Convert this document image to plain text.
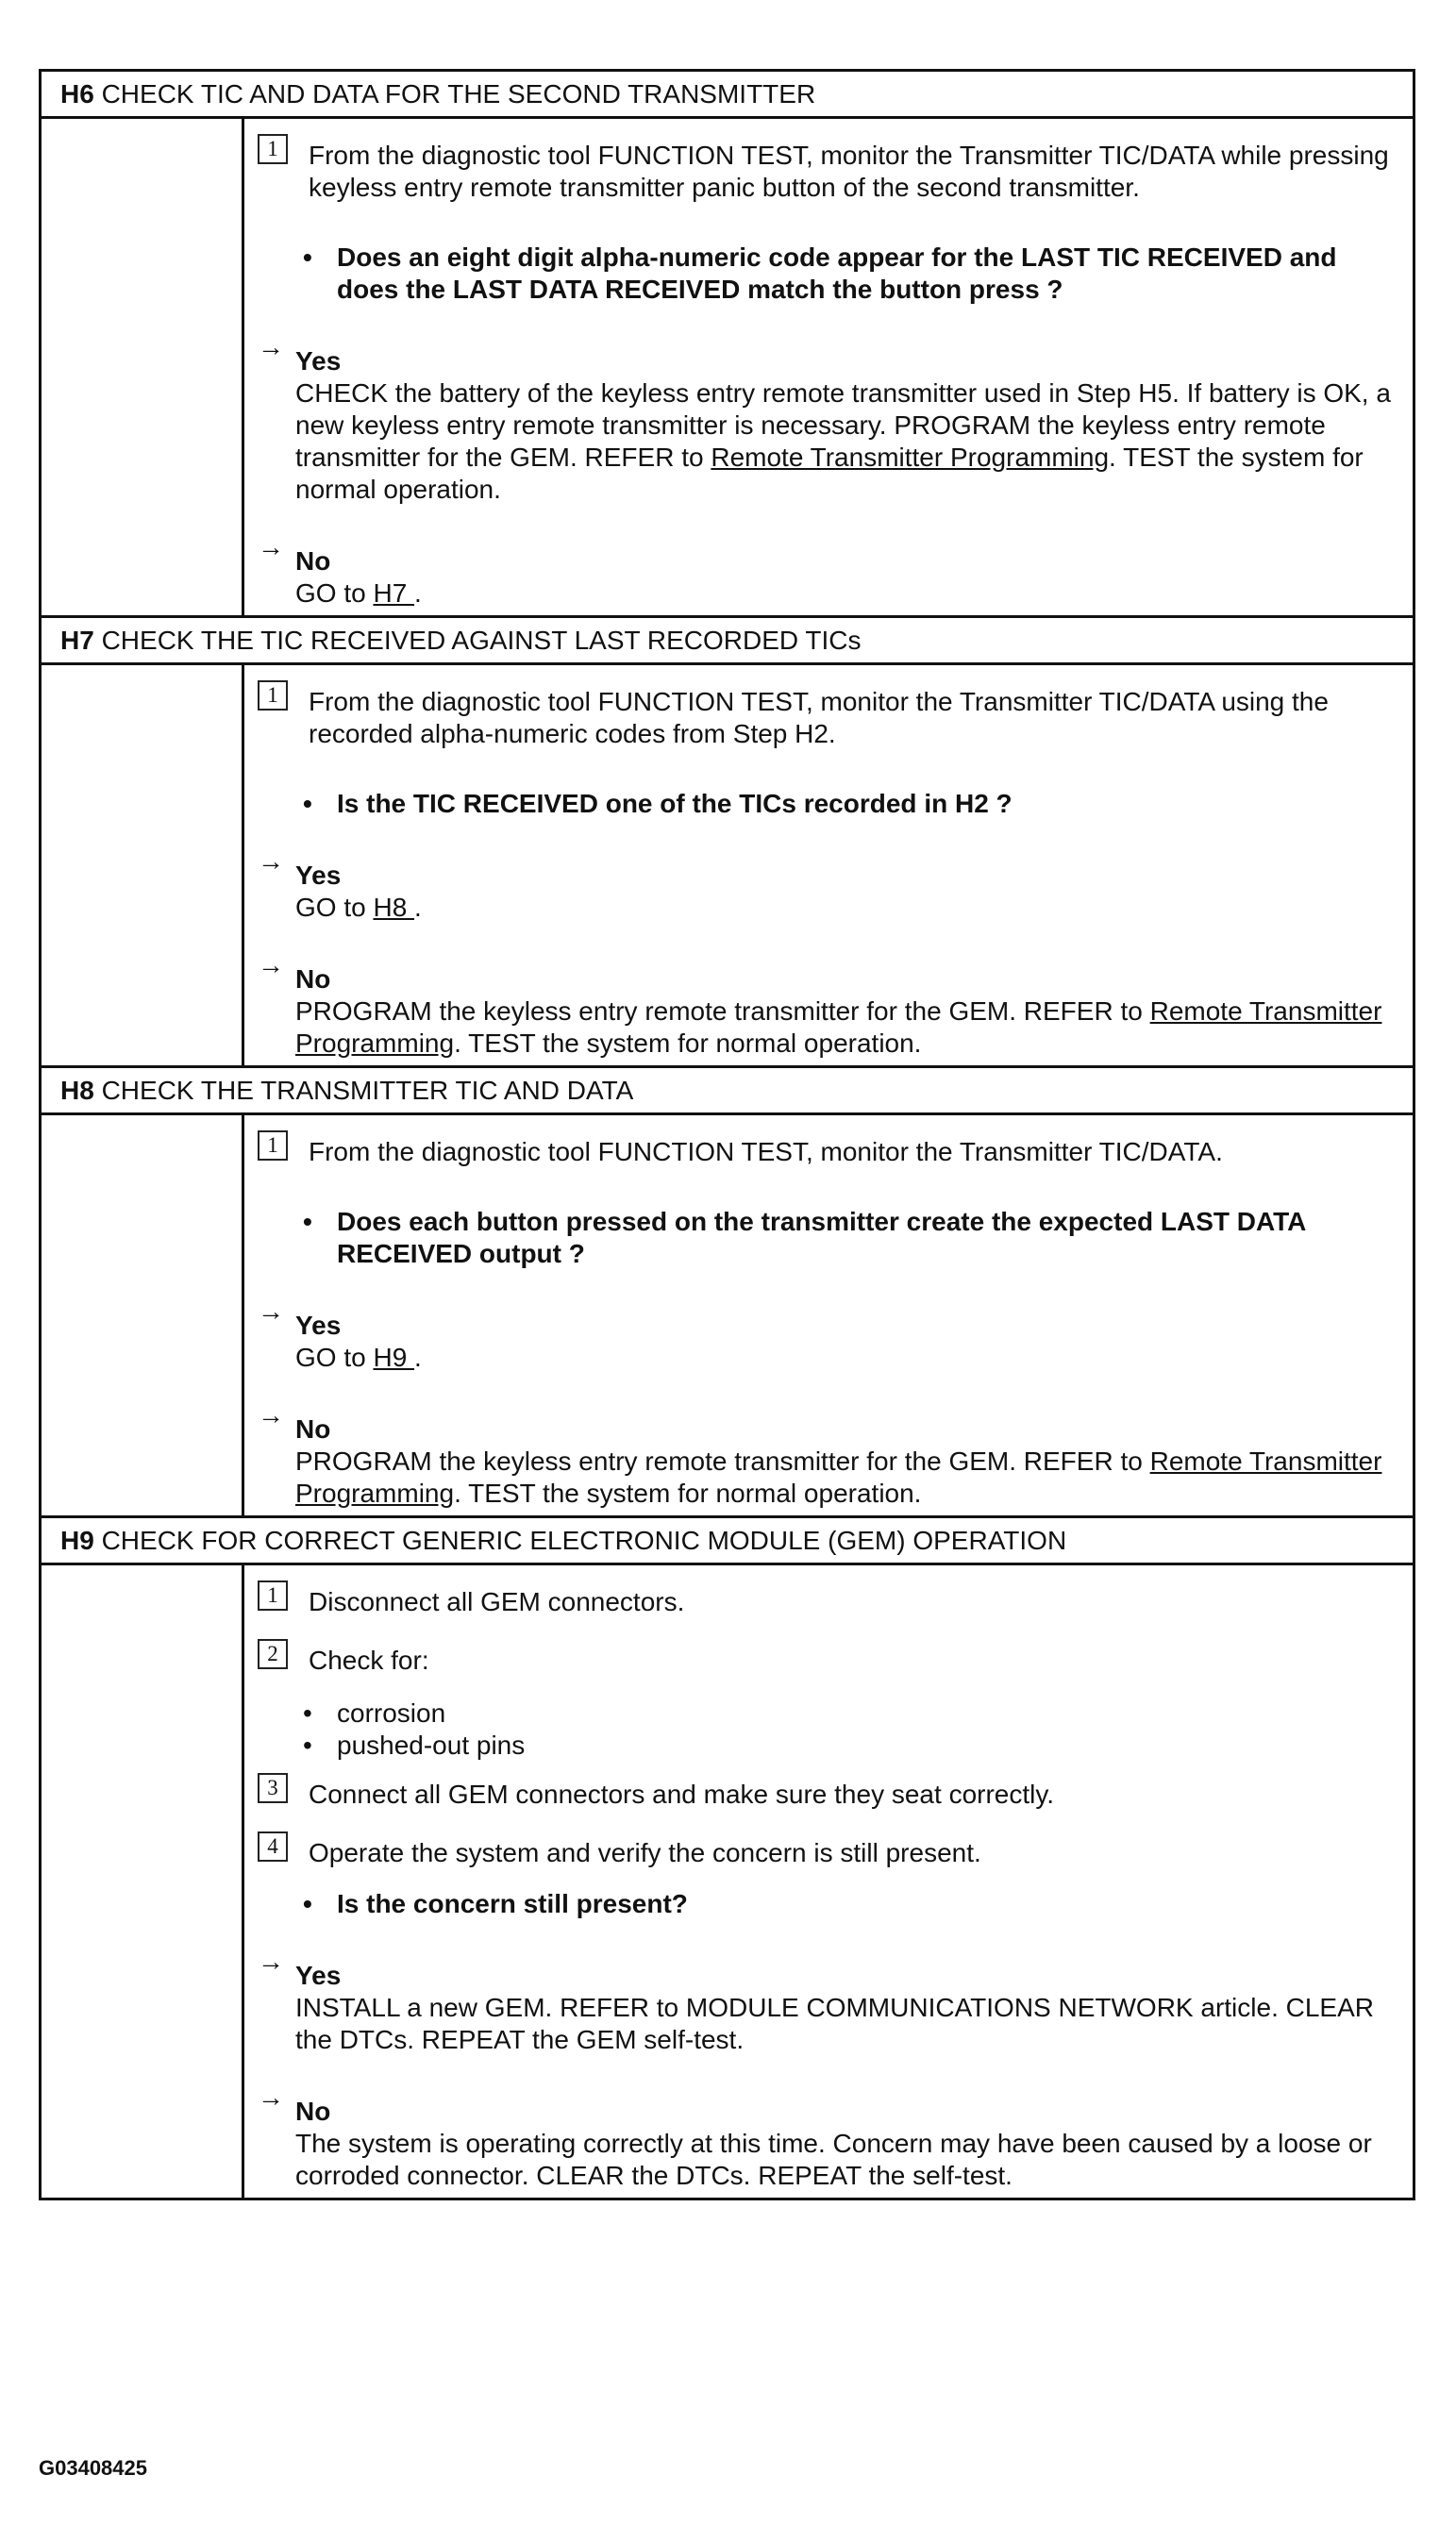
H6 CHECK TIC AND DATA FOR THE SECOND TRANSMITTER
1	From the diagnostic tool FUNCTION TEST, monitor the Transmitter TIC/DATA while pressing keyless entry remote transmitter panic button of the second transmitter.
• Does an eight digit alpha-numeric code appear for the LAST TIC RECEIVED and does the LAST DATA RECEIVED match the button press ?
→ Yes
CHECK the battery of the keyless entry remote transmitter used in Step H5. If battery is OK, a new keyless entry remote transmitter is necessary. PROGRAM the keyless entry remote transmitter for the GEM. REFER to Remote Transmitter Programming. TEST the system for normal operation.
→ No
GO to H7 .
H7 CHECK THE TIC RECEIVED AGAINST LAST RECORDED TICs
1	From the diagnostic tool FUNCTION TEST, monitor the Transmitter TIC/DATA using the recorded alpha-numeric codes from Step H2.
• Is the TIC RECEIVED one of the TICs recorded in H2 ?
→ Yes
GO to H8 .
→ No
PROGRAM the keyless entry remote transmitter for the GEM. REFER to Remote Transmitter Programming. TEST the system for normal operation.
H8 CHECK THE TRANSMITTER TIC AND DATA
1	From the diagnostic tool FUNCTION TEST, monitor the Transmitter TIC/DATA.
• Does each button pressed on the transmitter create the expected LAST DATA RECEIVED output ?
→ Yes
GO to H9 .
→ No
PROGRAM the keyless entry remote transmitter for the GEM. REFER to Remote Transmitter Programming. TEST the system for normal operation.
H9 CHECK FOR CORRECT GENERIC ELECTRONIC MODULE (GEM) OPERATION
1	Disconnect all GEM connectors.
2	Check for:
• corrosion
• pushed-out pins
3	Connect all GEM connectors and make sure they seat correctly.
4	Operate the system and verify the concern is still present.
• Is the concern still present?
→ Yes
INSTALL a new GEM. REFER to MODULE COMMUNICATIONS NETWORK article. CLEAR the DTCs. REPEAT the GEM self-test.
→ No
The system is operating correctly at this time. Concern may have been caused by a loose or corroded connector. CLEAR the DTCs. REPEAT the self-test.
G03408425
